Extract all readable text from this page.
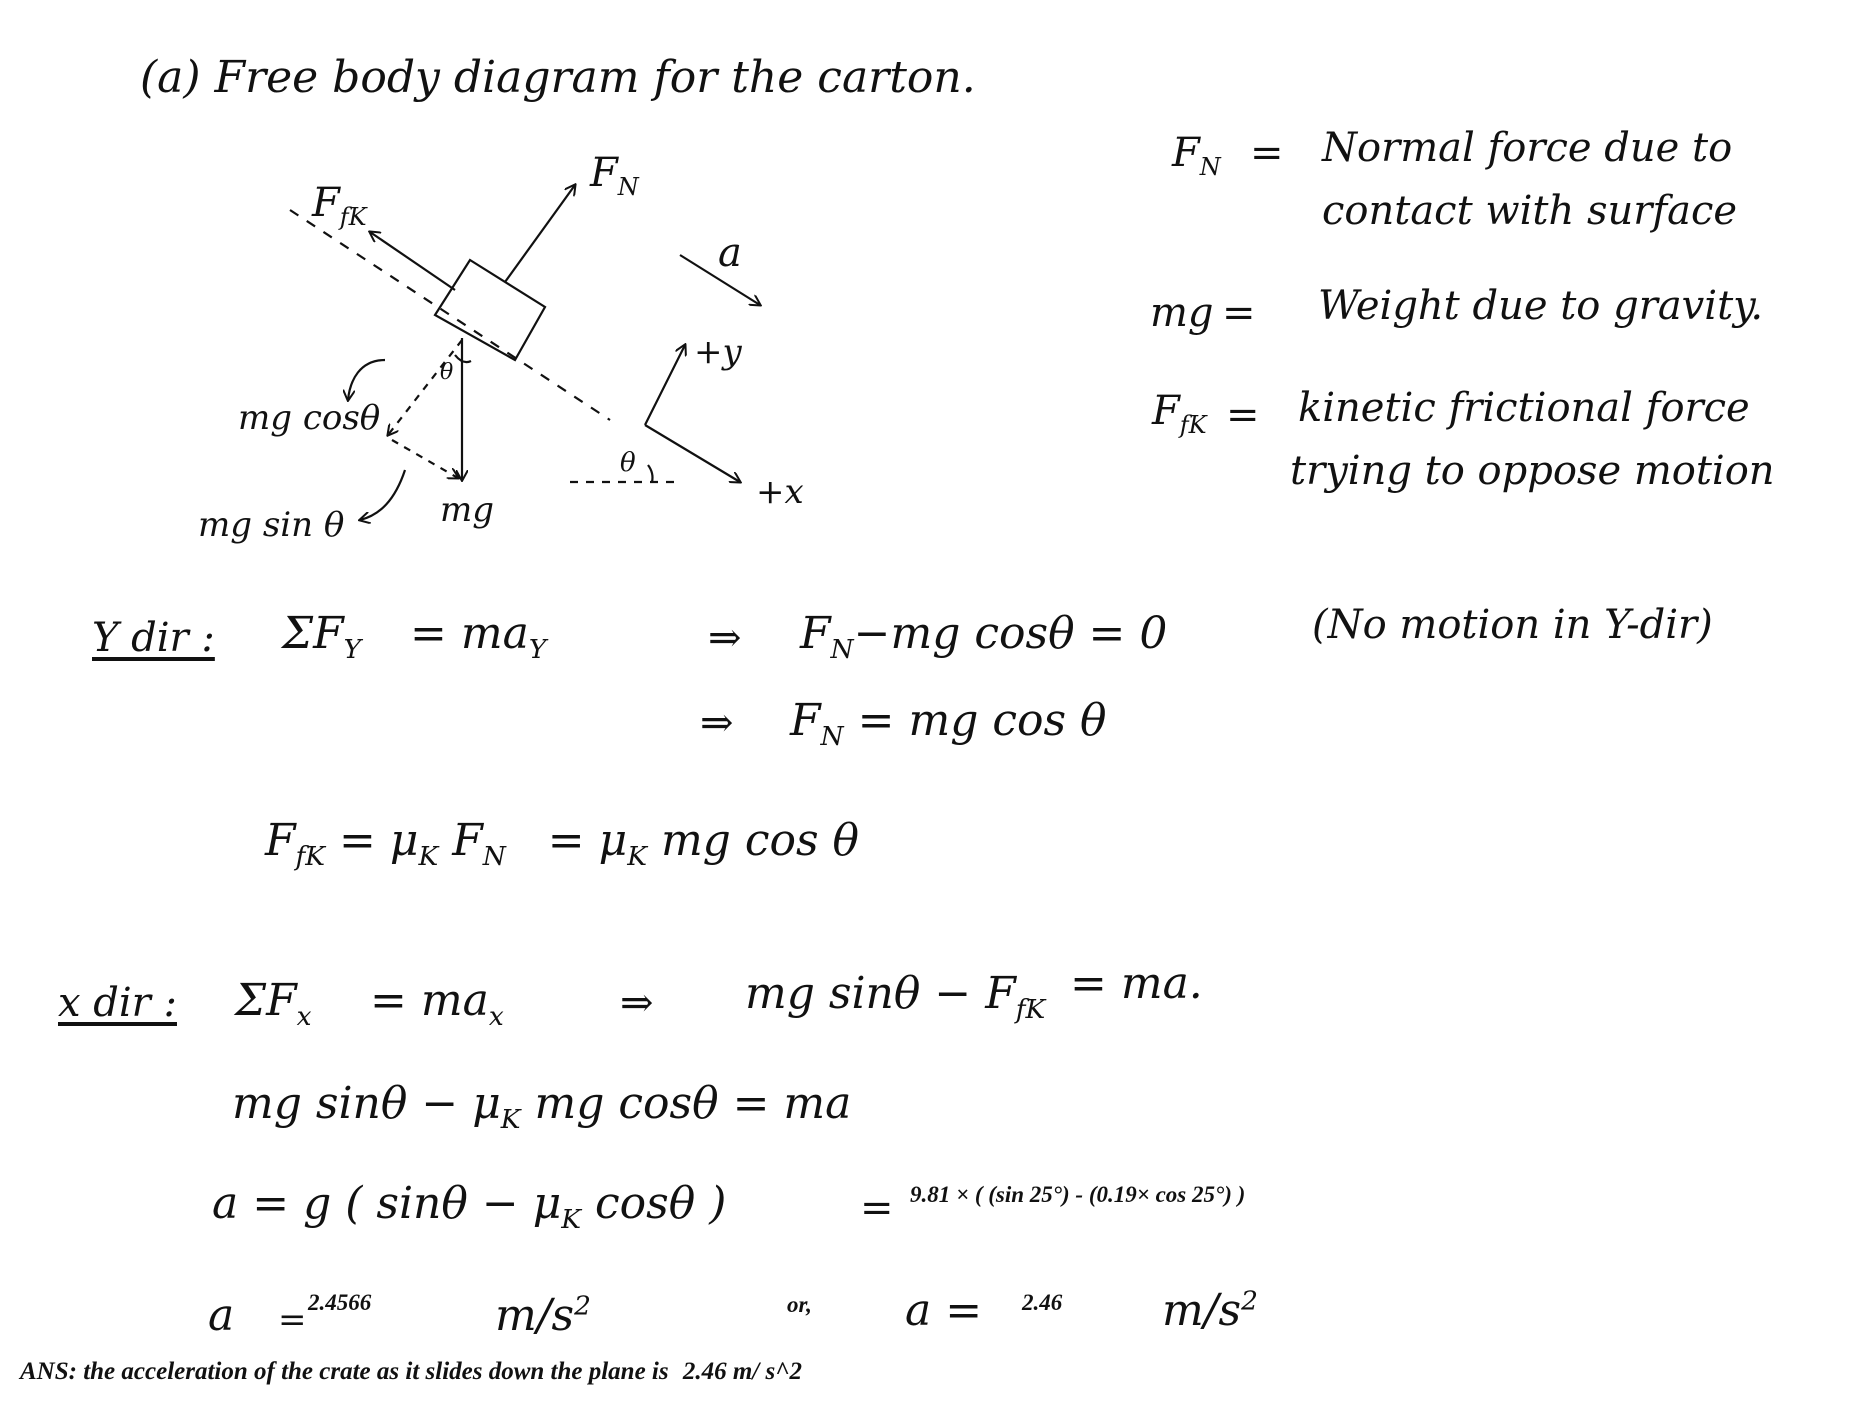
(a) Free body diagram for the carton.
$F_N$
$F_{fK}$
a
+y
+x
θ
θ
mg
mg cosθ
mg sin θ
$F_N$ = Normal force due to
contact with surface
mg = Weight due to gravity.
$F_{fK}$ = kinetic frictional force
trying to oppose motion
Y dir : $\Sigma F_Y = ma_Y$	⇒ $F_N-mg$ cosθ = 0	(No motion in Y-dir)
⇒ $F_N$ = mg cos θ
$F_{fK} = \mu_K$ $F_N = \mu_K$ mg cos θ
x dir : $\Sigma F_x = ma_x$	⇒ mg $\sin\theta - F_{fK}$
= ma.
mg $\sin\theta - \mu_K$ mg cosθ = ma
a = g ( $\sin\theta - \mu_K$ cosθ )	= 9.81 × ( (sin 25°) - (0.19× cos 25°) )
a = 2.4566	$m/s^2$	or, a = 2.46 $m/s^2$
ANS: the acceleration of the crate as it slides down the plane is 2.46 m/ s^2
